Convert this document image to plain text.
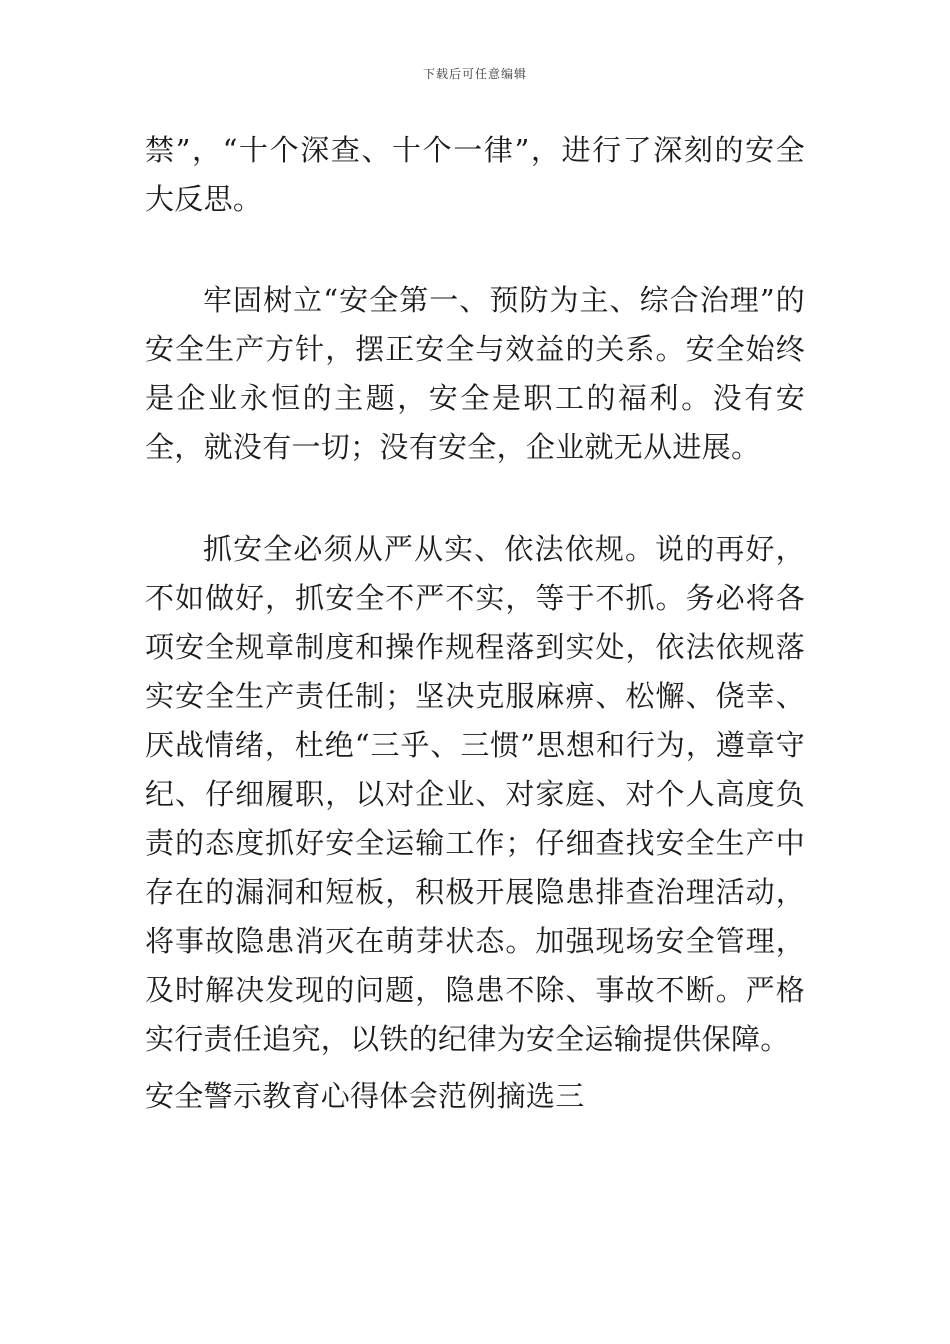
下载后可任意编辑

禁”，“十个深查、十个一律”，进行了深刻的安全大反思。

牢固树立“安全第一、预防为主、综合治理”的安全生产方针，摆正安全与效益的关系。安全始终是企业永恒的主题，安全是职工的福利。没有安全，就没有一切；没有安全，企业就无从进展。

抓安全必须从严从实、依法依规。说的再好，不如做好，抓安全不严不实，等于不抓。务必将各项安全规章制度和操作规程落到实处，依法依规落实安全生产责任制；坚决克服麻痹、松懈、侥幸、厌战情绪，杜绝“三乎、三惯”思想和行为，遵章守纪、仔细履职，以对企业、对家庭、对个人高度负责的态度抓好安全运输工作；仔细查找安全生产中存在的漏洞和短板，积极开展隐患排查治理活动，将事故隐患消灭在萌芽状态。加强现场安全管理，及时解决发现的问题，隐患不除、事故不断。严格实行责任追究，以铁的纪律为安全运输提供保障。

安全警示教育心得体会范例摘选三
